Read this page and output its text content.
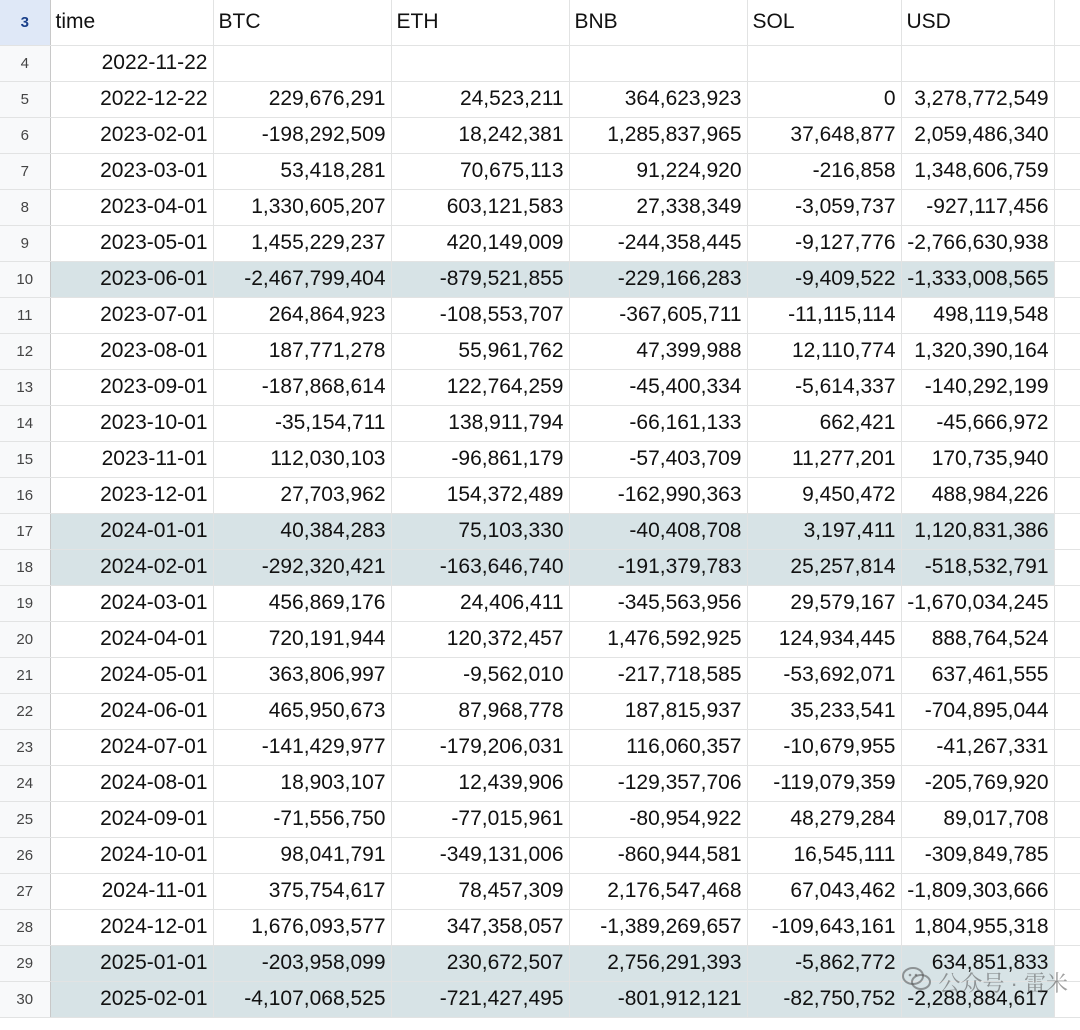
3	time	BTC	ETH	BNB	SOL	USD	
4	2022-11-22						
5	2022-12-22	229,676,291	24,523,211	364,623,923	0	3,278,772,549	
6	2023-02-01	-198,292,509	18,242,381	1,285,837,965	37,648,877	2,059,486,340	
7	2023-03-01	53,418,281	70,675,113	91,224,920	-216,858	1,348,606,759	
8	2023-04-01	1,330,605,207	603,121,583	27,338,349	-3,059,737	-927,117,456	
9	2023-05-01	1,455,229,237	420,149,009	-244,358,445	-9,127,776	-2,766,630,938	
10	2023-06-01	-2,467,799,404	-879,521,855	-229,166,283	-9,409,522	-1,333,008,565	
11	2023-07-01	264,864,923	-108,553,707	-367,605,711	-11,115,114	498,119,548	
12	2023-08-01	187,771,278	55,961,762	47,399,988	12,110,774	1,320,390,164	
13	2023-09-01	-187,868,614	122,764,259	-45,400,334	-5,614,337	-140,292,199	
14	2023-10-01	-35,154,711	138,911,794	-66,161,133	662,421	-45,666,972	
15	2023-11-01	112,030,103	-96,861,179	-57,403,709	11,277,201	170,735,940	
16	2023-12-01	27,703,962	154,372,489	-162,990,363	9,450,472	488,984,226	
17	2024-01-01	40,384,283	75,103,330	-40,408,708	3,197,411	1,120,831,386	
18	2024-02-01	-292,320,421	-163,646,740	-191,379,783	25,257,814	-518,532,791	
19	2024-03-01	456,869,176	24,406,411	-345,563,956	29,579,167	-1,670,034,245	
20	2024-04-01	720,191,944	120,372,457	1,476,592,925	124,934,445	888,764,524	
21	2024-05-01	363,806,997	-9,562,010	-217,718,585	-53,692,071	637,461,555	
22	2024-06-01	465,950,673	87,968,778	187,815,937	35,233,541	-704,895,044	
23	2024-07-01	-141,429,977	-179,206,031	116,060,357	-10,679,955	-41,267,331	
24	2024-08-01	18,903,107	12,439,906	-129,357,706	-119,079,359	-205,769,920	
25	2024-09-01	-71,556,750	-77,015,961	-80,954,922	48,279,284	89,017,708	
26	2024-10-01	98,041,791	-349,131,006	-860,944,581	16,545,111	-309,849,785	
27	2024-11-01	375,754,617	78,457,309	2,176,547,468	67,043,462	-1,809,303,666	
28	2024-12-01	1,676,093,577	347,358,057	-1,389,269,657	-109,643,161	1,804,955,318	
29	2025-01-01	-203,958,099	230,672,507	2,756,291,393	-5,862,772	634,851,833	
30	2025-02-01	-4,107,068,525	-721,427,495	-801,912,121	-82,750,752	-2,288,884,617	
公众号 · 雷米
